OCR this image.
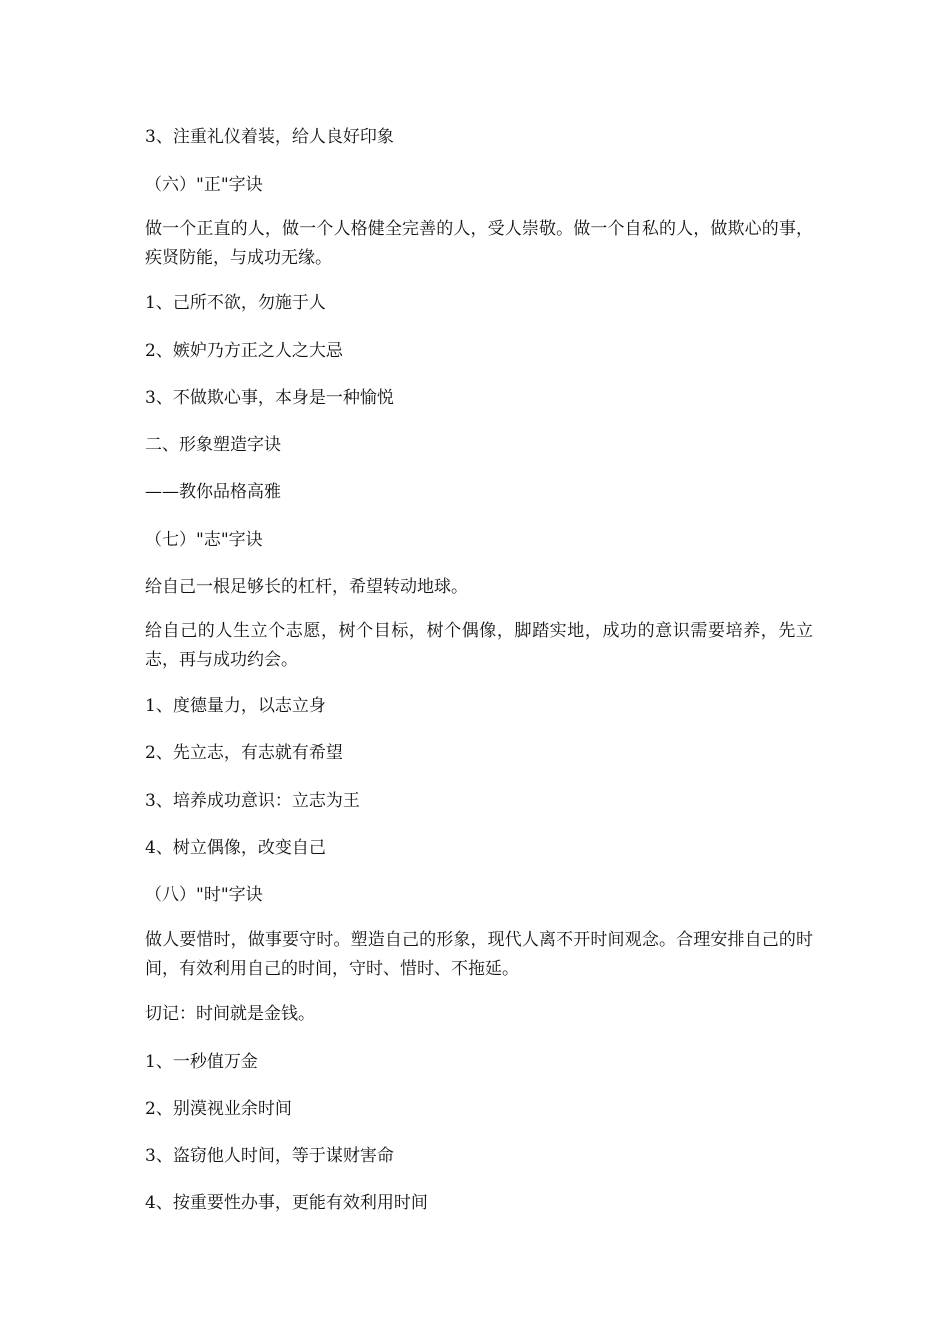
3、注重礼仪着装，给人良好印象
（六）"正"字诀
做一个正直的人，做一个人格健全完善的人，受人崇敬。做一个自私的人，做欺心的事，疾贤防能，与成功无缘。
1、己所不欲，勿施于人
2、嫉妒乃方正之人之大忌
3、不做欺心事，本身是一种愉悦
二、形象塑造字诀
——教你品格高雅
（七）"志"字诀
给自己一根足够长的杠杆，希望转动地球。
给自己的人生立个志愿，树个目标，树个偶像，脚踏实地，成功的意识需要培养，先立志，再与成功约会。
1、度德量力，以志立身
2、先立志，有志就有希望
3、培养成功意识：立志为王
4、树立偶像，改变自己
（八）"时"字诀
做人要惜时，做事要守时。塑造自己的形象，现代人离不开时间观念。合理安排自己的时间，有效利用自己的时间，守时、惜时、不拖延。
切记：时间就是金钱。
1、一秒值万金
2、别漠视业余时间
3、盗窃他人时间，等于谋财害命
4、按重要性办事，更能有效利用时间
